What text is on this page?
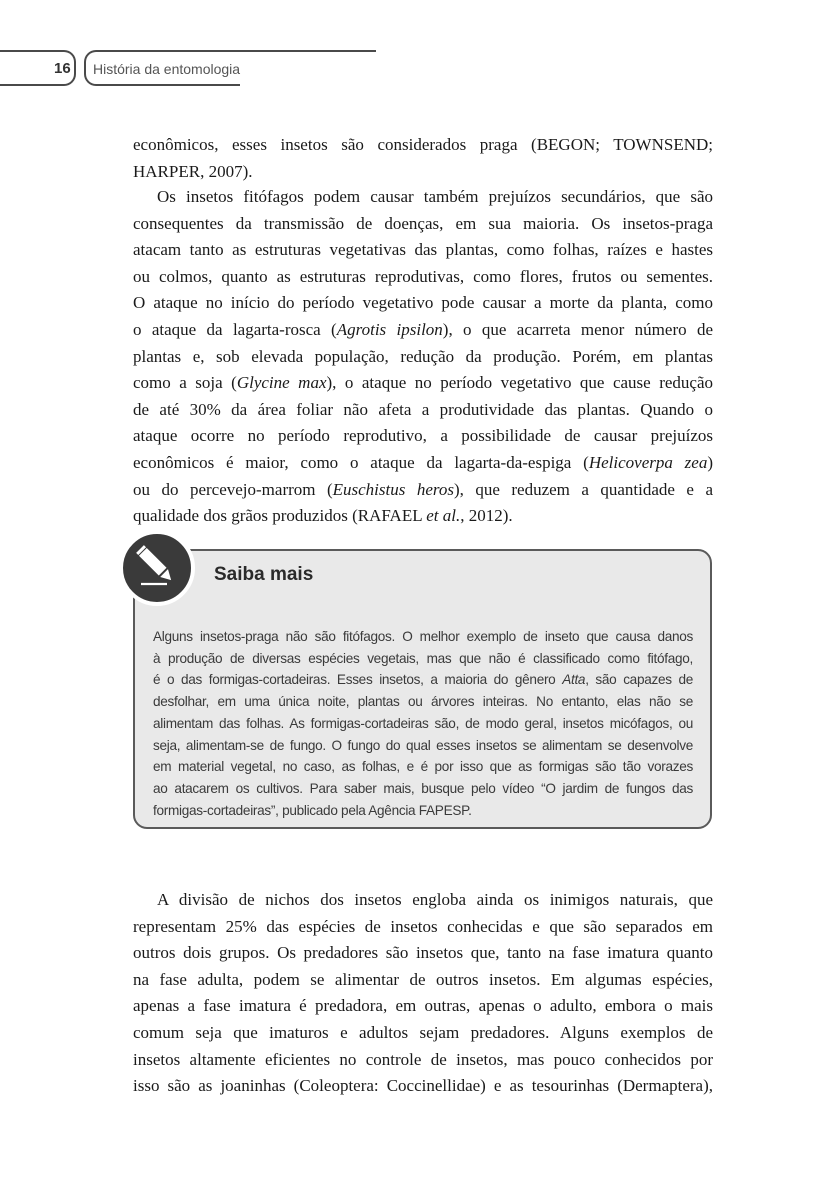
16 História da entomologia
econômicos, esses insetos são considerados praga (BEGON; TOWNSEND;
HARPER, 2007).
Os insetos fitófagos podem causar também prejuízos secundários, que são
consequentes da transmissão de doenças, em sua maioria. Os insetos-praga
atacam tanto as estruturas vegetativas das plantas, como folhas, raízes e hastes
ou colmos, quanto as estruturas reprodutivas, como flores, frutos ou sementes.
O ataque no início do período vegetativo pode causar a morte da planta, como
o ataque da lagarta-rosca (Agrotis ipsilon), o que acarreta menor número de
plantas e, sob elevada população, redução da produção. Porém, em plantas
como a soja (Glycine max), o ataque no período vegetativo que cause redução
de até 30% da área foliar não afeta a produtividade das plantas. Quando o
ataque ocorre no período reprodutivo, a possibilidade de causar prejuízos
econômicos é maior, como o ataque da lagarta-da-espiga (Helicoverpa zea)
ou do percevejo-marrom (Euschistus heros), que reduzem a quantidade e a
qualidade dos grãos produzidos (RAFAEL et al., 2012).
Saiba mais
Alguns insetos-praga não são fitófagos. O melhor exemplo de inseto que causa danos
à produção de diversas espécies vegetais, mas que não é classificado como fitófago,
é o das formigas-cortadeiras. Esses insetos, a maioria do gênero Atta, são capazes de
desfolhar, em uma única noite, plantas ou árvores inteiras. No entanto, elas não se
alimentam das folhas. As formigas-cortadeiras são, de modo geral, insetos micófagos, ou
seja, alimentam-se de fungo. O fungo do qual esses insetos se alimentam se desenvolve
em material vegetal, no caso, as folhas, e é por isso que as formigas são tão vorazes
ao atacarem os cultivos. Para saber mais, busque pelo vídeo “O jardim de fungos das
formigas-cortadeiras”, publicado pela Agência FAPESP.
A divisão de nichos dos insetos engloba ainda os inimigos naturais, que
representam 25% das espécies de insetos conhecidas e que são separados em
outros dois grupos. Os predadores são insetos que, tanto na fase imatura quanto
na fase adulta, podem se alimentar de outros insetos. Em algumas espécies,
apenas a fase imatura é predadora, em outras, apenas o adulto, embora o mais
comum seja que imaturos e adultos sejam predadores. Alguns exemplos de
insetos altamente eficientes no controle de insetos, mas pouco conhecidos por
isso são as joaninhas (Coleoptera: Coccinellidae) e as tesourinhas (Dermaptera),
